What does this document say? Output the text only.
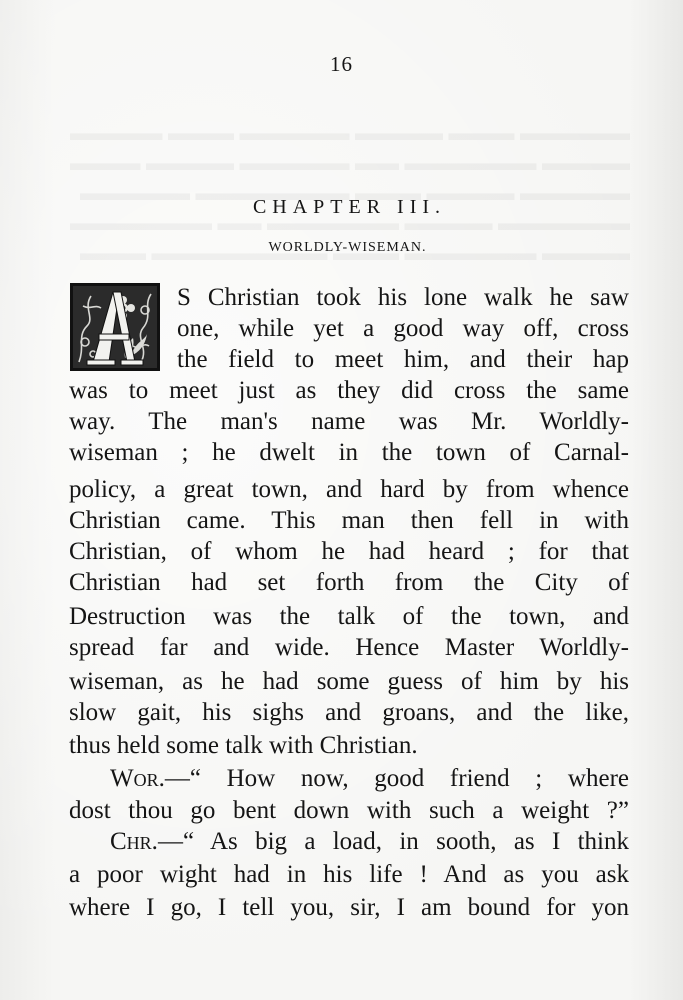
16
CHAPTER III.
WORLDLY-WISEMAN.
S Christian took his lone walk he saw
one, while yet a good way off, cross
the field to meet him, and their hap
was to meet just as they did cross the same
way. The man's name was Mr. Worldly-
wiseman ; he dwelt in the town of Carnal-
policy, a great town, and hard by from whence
Christian came. This man then fell in with
Christian, of whom he had heard ; for that
Christian had set forth from the City of
Destruction was the talk of the town, and
spread far and wide. Hence Master Worldly-
wiseman, as he had some guess of him by his
slow gait, his sighs and groans, and the like,
thus held some talk with Christian.
Wor.—“ How now, good friend ; where
dost thou go bent down with such a weight ?”
Chr.—“ As big a load, in sooth, as I think
a poor wight had in his life ! And as you ask
where I go, I tell you, sir, I am bound for yon
